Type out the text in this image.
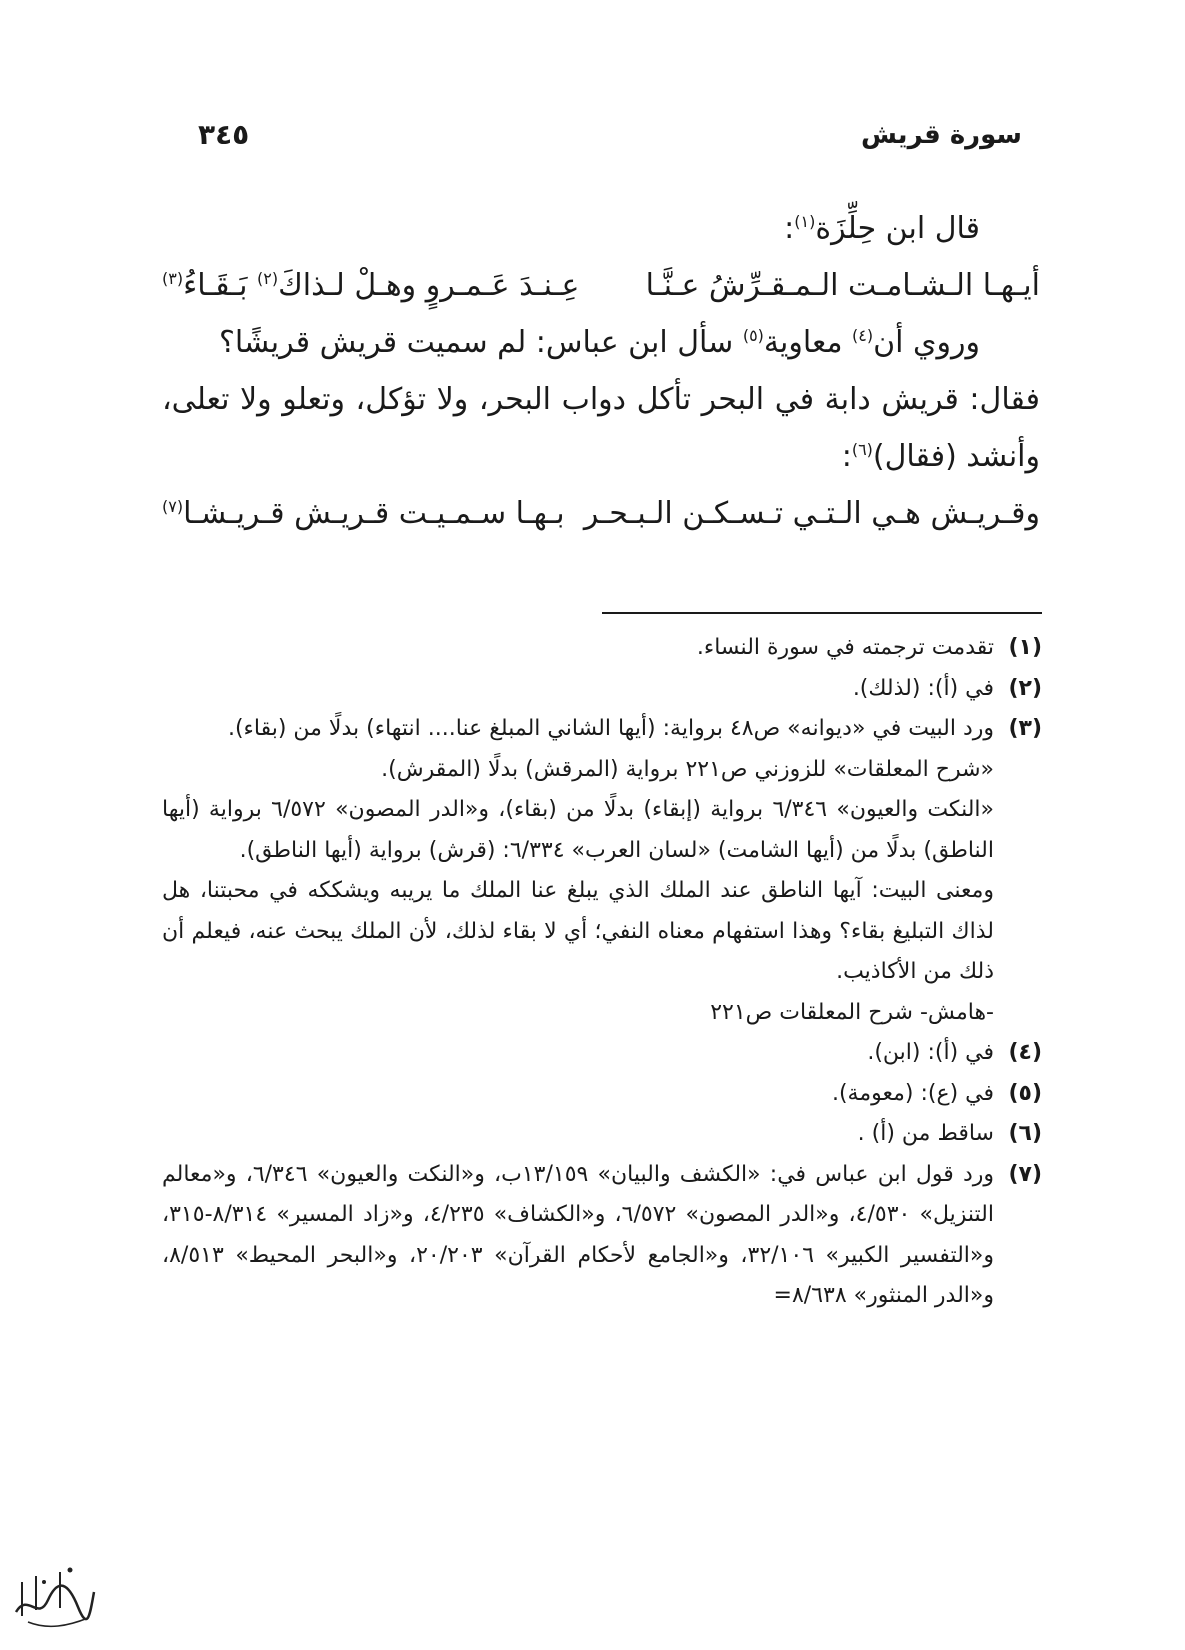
سورة قريش
٣٤٥

قال ابن حِلِّزَة$^{(١)}$:

أيـهـا الـشـامـت الـمـقـرِّشُ عـنَّـا
عِـنـدَ عَـمـروٍ وهـلْ لـذاكَ$^{(٢)}$ بَـقَـاءُ$^{(٣)}$

وروي أن$^{(٤)}$ معاوية$^{(٥)}$ سأل ابن عباس: لم سميت قريش قريشًا؟

فقال: قريش دابة في البحر تأكل دواب البحر، ولا تؤكل، وتعلو ولا تعلى، وأنشد (فقال)$^{(٦)}$:

وقـريـش هـي الـتـي تـسـكـن الـبـحـر
بـهـا سـمـيـت قـريـش قـريـشـا$^{(٧)}$
(١)
تقدمت ترجمته في سورة النساء.
(٢)
في (أ): (لذلك).
(٣)
ورد البيت في «ديوانه» ص٤٨ برواية: (أيها الشاني المبلغ عنا.... انتهاء) بدلًا من (بقاء).
«شرح المعلقات» للزوزني ص٢٢١ برواية (المرقش) بدلًا (المقرش).
«النكت والعيون» ٦/٣٤٦ برواية (إبقاء) بدلًا من (بقاء)، و«الدر المصون» ٦/٥٧٢ برواية (أيها الناطق) بدلًا من (أيها الشامت) «لسان العرب» ٦/٣٣٤: (قرش) برواية (أيها الناطق).
ومعنى البيت: آيها الناطق عند الملك الذي يبلغ عنا الملك ما يريبه ويشككه في محبتنا، هل لذاك التبليغ بقاء؟ وهذا استفهام معناه النفي؛ أي لا بقاء لذلك، لأن الملك يبحث عنه، فيعلم أن ذلك من الأكاذيب.
-هامش- شرح المعلقات ص٢٢١
(٤)
في (أ): (ابن).
(٥)
في (ع): (معومة).
(٦)
ساقط من (أ) .
(٧)
ورد قول ابن عباس في: «الكشف والبيان» ١٣/١٥٩ب، و«النكت والعيون» ٦/٣٤٦، و«معالم التنزيل» ٤/٥٣٠، و«الدر المصون» ٦/٥٧٢، و«الكشاف» ٤/٢٣٥، و«زاد المسير» ٨/٣١٤-٣١٥، و«التفسير الكبير» ٣٢/١٠٦، و«الجامع لأحكام القرآن» ٢٠/٢٠٣، و«البحر المحيط» ٨/٥١٣، و«الدر المنثور» ٨/٦٣٨=
